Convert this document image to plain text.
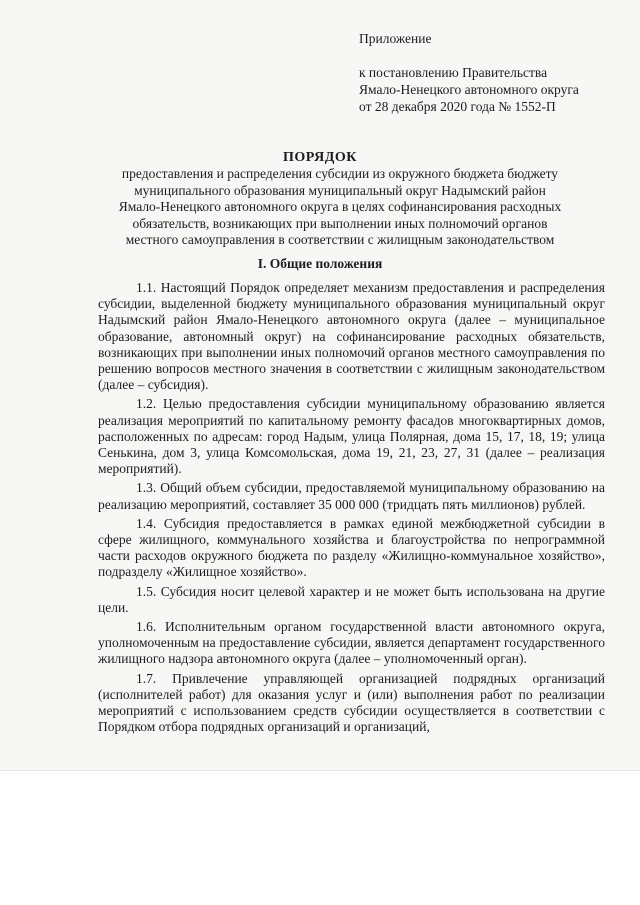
Приложение
к постановлению Правительства
Ямало-Ненецкого автономного округа
от 28 декабря 2020 года № 1552-П
ПОРЯДОК
предоставления и распределения субсидии из окружного бюджета бюджету
муниципального образования муниципальный округ Надымский район
Ямало-Ненецкого автономного округа в целях софинансирования расходных
обязательств, возникающих при выполнении иных полномочий органов
местного самоуправления в соответствии с жилищным законодательством
I. Общие положения

1.1. Настоящий Порядок определяет механизм предоставления и распределения субсидии, выделенной бюджету муниципального образования муниципальный округ Надымский район Ямало-Ненецкого автономного округа (далее – муниципальное образование, автономный округ) на софинансирование расходных обязательств, возникающих при выполнении иных полномочий органов местного самоуправления по решению вопросов местного значения в соответствии с жилищным законодательством (далее – субсидия).

1.2. Целью предоставления субсидии муниципальному образованию является реализация мероприятий по капитальному ремонту фасадов многоквартирных домов, расположенных по адресам: город Надым, улица Полярная, дома 15, 17, 18, 19; улица Сенькина, дом 3, улица Комсомольская, дома 19, 21, 23, 27, 31 (далее – реализация мероприятий).

1.3. Общий объем субсидии, предоставляемой муниципальному образованию на реализацию мероприятий, составляет 35 000 000 (тридцать пять миллионов) рублей.

1.4. Субсидия предоставляется в рамках единой межбюджетной субсидии в сфере жилищного, коммунального хозяйства и благоустройства по непрограммной части расходов окружного бюджета по разделу «Жилищно-коммунальное хозяйство», подразделу «Жилищное хозяйство».

1.5. Субсидия носит целевой характер и не может быть использована на другие цели.

1.6. Исполнительным органом государственной власти автономного округа, уполномоченным на предоставление субсидии, является департамент государственного жилищного надзора автономного округа (далее – уполномоченный орган).

1.7. Привлечение управляющей организацией подрядных организаций (исполнителей работ) для оказания услуг и (или) выполнения работ по реализации мероприятий с использованием средств субсидии осуществляется в соответствии с Порядком отбора подрядных организаций и организаций,
